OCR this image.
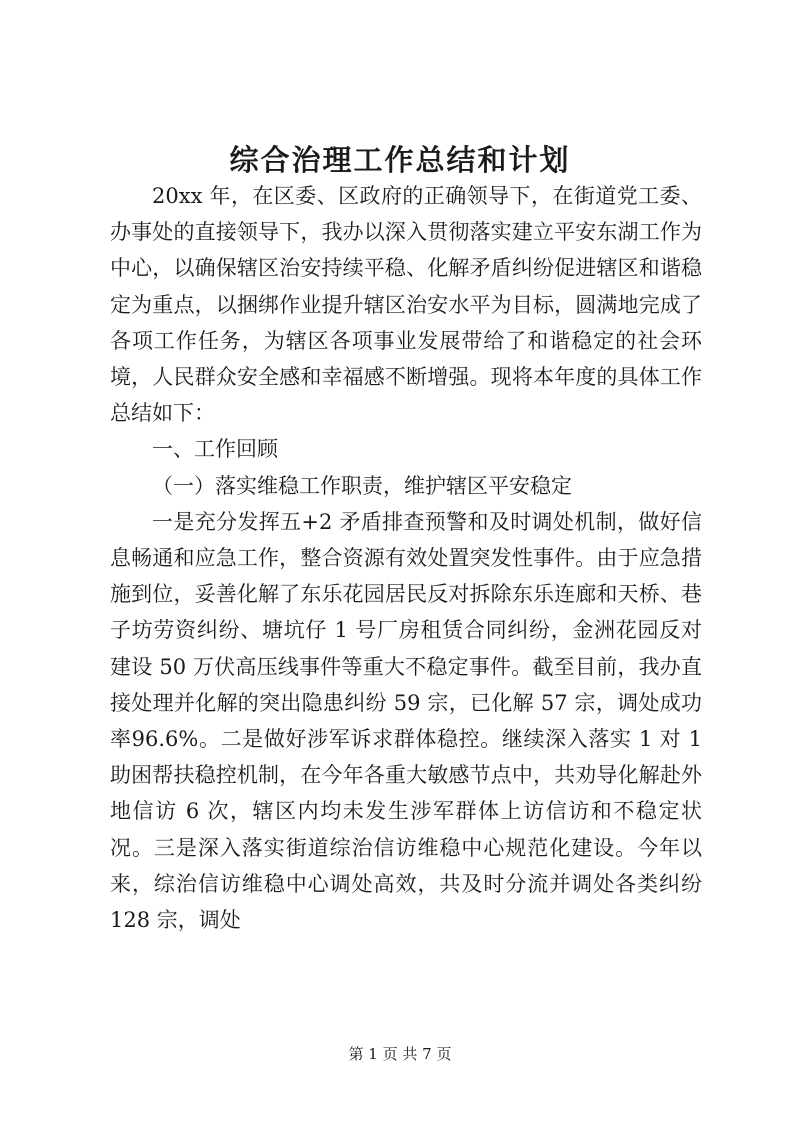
综合治理工作总结和计划

20xx 年，在区委、区政府的正确领导下，在街道党工委、办事处的直接领导下，我办以深入贯彻落实建立平安东湖工作为中心，以确保辖区治安持续平稳、化解矛盾纠纷促进辖区和谐稳定为重点，以捆绑作业提升辖区治安水平为目标，圆满地完成了各项工作任务，为辖区各项事业发展带给了和谐稳定的社会环境，人民群众安全感和幸福感不断增强。现将本年度的具体工作总结如下：

一、工作回顾

（一）落实维稳工作职责，维护辖区平安稳定

一是充分发挥五+2 矛盾排查预警和及时调处机制，做好信息畅通和应急工作，整合资源有效处置突发性事件。由于应急措施到位，妥善化解了东乐花园居民反对拆除东乐连廊和天桥、巷子坊劳资纠纷、塘坑仔 1 号厂房租赁合同纠纷，金洲花园反对建设 50 万伏高压线事件等重大不稳定事件。截至目前，我办直接处理并化解的突出隐患纠纷 59 宗，已化解 57 宗，调处成功率96.6%。二是做好涉军诉求群体稳控。继续深入落实 1 对 1 助困帮扶稳控机制，在今年各重大敏感节点中，共劝导化解赴外地信访 6 次，辖区内均未发生涉军群体上访信访和不稳定状况。三是深入落实街道综治信访维稳中心规范化建设。今年以来，综治信访维稳中心调处高效，共及时分流并调处各类纠纷 128 宗，调处

第 1 页 共 7 页
